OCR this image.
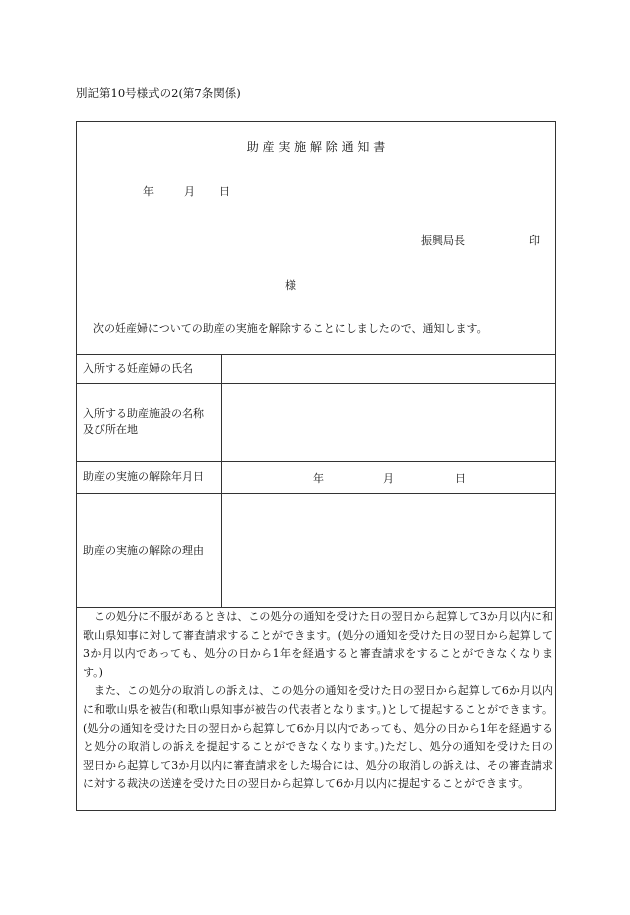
別記第10号様式の2(第7条関係)
助 産 実 施 解 除 通 知 書
年	月 日
振興局長	印
様
次の妊産婦についての助産の実施を解除することにしましたので、通知します。
入所する妊産婦の氏名
入所する助産施設の名称
及び所在地
助産の実施の解除年月日	年	月	日
助産の実施の解除の理由

この処分に不服があるときは、この処分の通知を受けた日の翌日から起算して3か月以内に和歌山県知事に対して審査請求することができます。(処分の通知を受けた日の翌日から起算して3か月以内であっても、処分の日から1年を経過すると審査請求をすることができなくなります。)

また、この処分の取消しの訴えは、この処分の通知を受けた日の翌日から起算して6か月以内に和歌山県を被告(和歌山県知事が被告の代表者となります。)として提起することができます。(処分の通知を受けた日の翌日から起算して6か月以内であっても、処分の日から1年を経過すると処分の取消しの訴えを提起することができなくなります。)ただし、処分の通知を受けた日の翌日から起算して3か月以内に審査請求をした場合には、処分の取消しの訴えは、その審査請求に対する裁決の送達を受けた日の翌日から起算して6か月以内に提起することができます。
